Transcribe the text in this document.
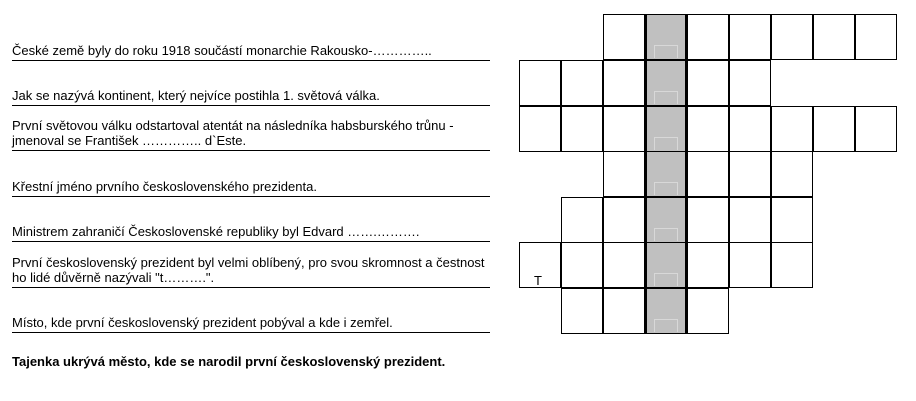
České země byly do roku 1918 součástí monarchie Rakousko-…………..
Jak se nazývá kontinent, který nejvíce postihla 1. světová válka.
První světovou válku odstartoval atentát na následníka habsburského trůnu - jmenoval se František ………….. d`Este.
Křestní jméno prvního československého prezidenta.
Ministrem zahraničí Československé republiky byl Edvard …….……….
První československý prezident byl velmi oblíbený, pro svou skromnost a čestnost ho lidé důvěrně nazývali "t……….".
Místo, kde první československý prezident pobýval a kde i zemřel.
Tajenka ukrývá město, kde se narodil první československý prezident.
T
